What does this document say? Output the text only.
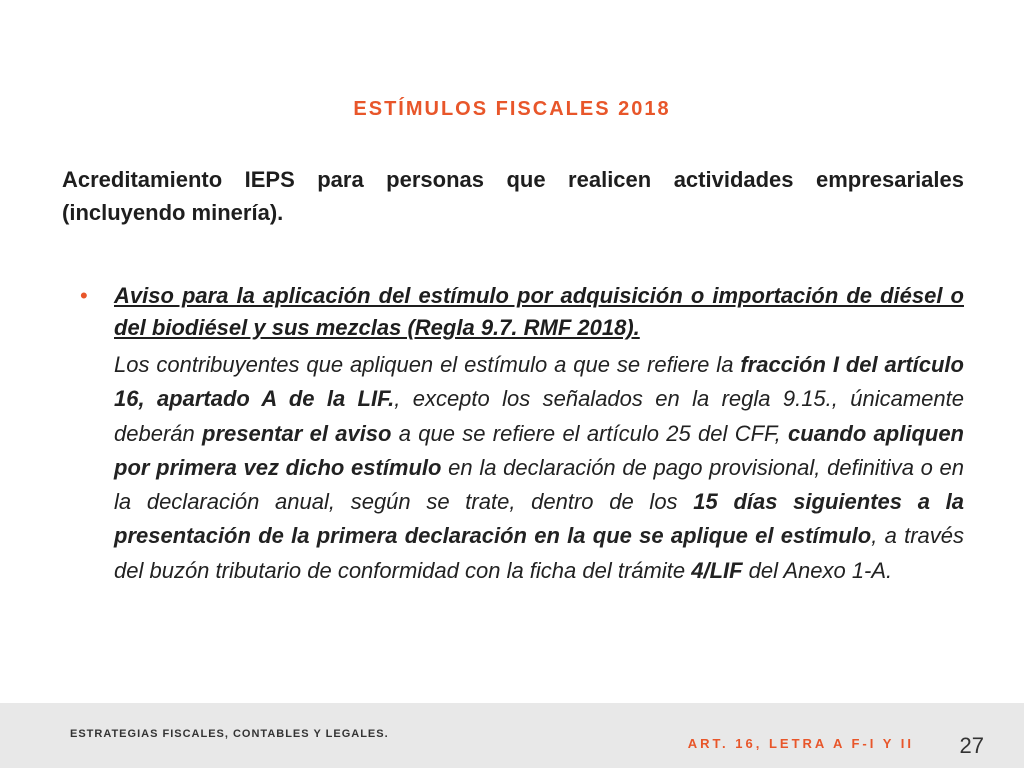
ESTÍMULOS FISCALES 2018
Acreditamiento IEPS para personas que realicen actividades empresariales (incluyendo minería).
• Aviso para la aplicación del estímulo por adquisición o importación de diésel o del biodiésel y sus mezclas (Regla 9.7. RMF 2018).
Los contribuyentes que apliquen el estímulo a que se refiere la fracción I del artículo 16, apartado A de la LIF., excepto los señalados en la regla 9.15., únicamente deberán presentar el aviso a que se refiere el artículo 25 del CFF, cuando apliquen por primera vez dicho estímulo en la declaración de pago provisional, definitiva o en la declaración anual, según se trate, dentro de los 15 días siguientes a la presentación de la primera declaración en la que se aplique el estímulo, a través del buzón tributario de conformidad con la ficha del trámite 4/LIF del Anexo 1-A.
ESTRATEGIAS FISCALES, CONTABLES Y LEGALES.
ART. 16, LETRA A F-I Y II 27
